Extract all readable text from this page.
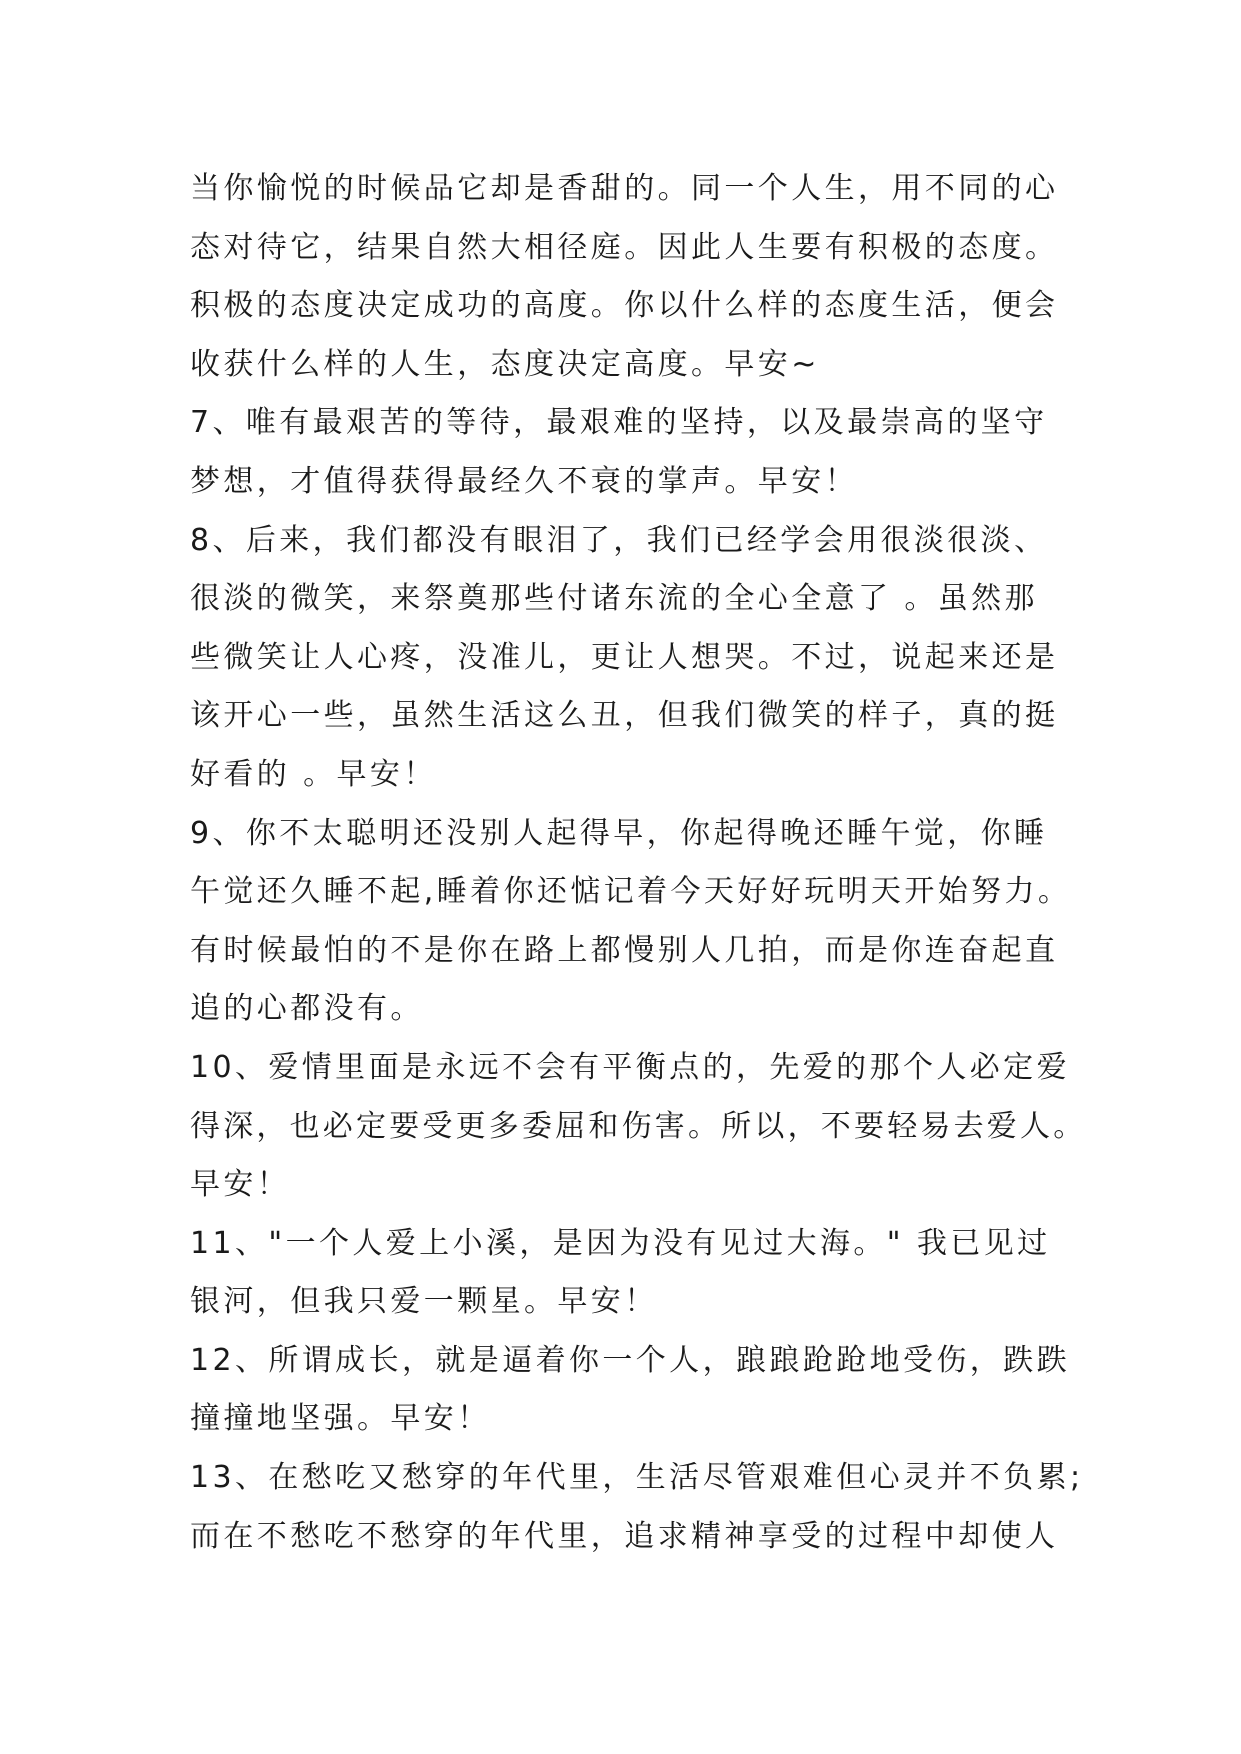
当你愉悦的时候品它却是香甜的。同一个人生，用不同的心
态对待它，结果自然大相径庭。因此人生要有积极的态度。
积极的态度决定成功的高度。你以什么样的态度生活，便会
收获什么样的人生，态度决定高度。早安~
7、唯有最艰苦的等待，最艰难的坚持，以及最崇高的坚守
梦想，才值得获得最经久不衰的掌声。早安！
8、后来，我们都没有眼泪了，我们已经学会用很淡很淡、
很淡的微笑，来祭奠那些付诸东流的全心全意了 。虽然那
些微笑让人心疼，没准儿，更让人想哭。不过，说起来还是
该开心一些，虽然生活这么丑，但我们微笑的样子，真的挺
好看的 。早安！
9、你不太聪明还没别人起得早，你起得晚还睡午觉，你睡
午觉还久睡不起,睡着你还惦记着今天好好玩明天开始努力。
有时候最怕的不是你在路上都慢别人几拍，而是你连奋起直
追的心都没有。
10、爱情里面是永远不会有平衡点的，先爱的那个人必定爱
得深，也必定要受更多委屈和伤害。所以，不要轻易去爱人。
早安！
11、"一个人爱上小溪，是因为没有见过大海。" 我已见过
银河，但我只爱一颗星。早安！
12、所谓成长，就是逼着你一个人，踉踉跄跄地受伤，跌跌
撞撞地坚强。早安！
13、在愁吃又愁穿的年代里，生活尽管艰难但心灵并不负累;
而在不愁吃不愁穿的年代里，追求精神享受的过程中却使人
